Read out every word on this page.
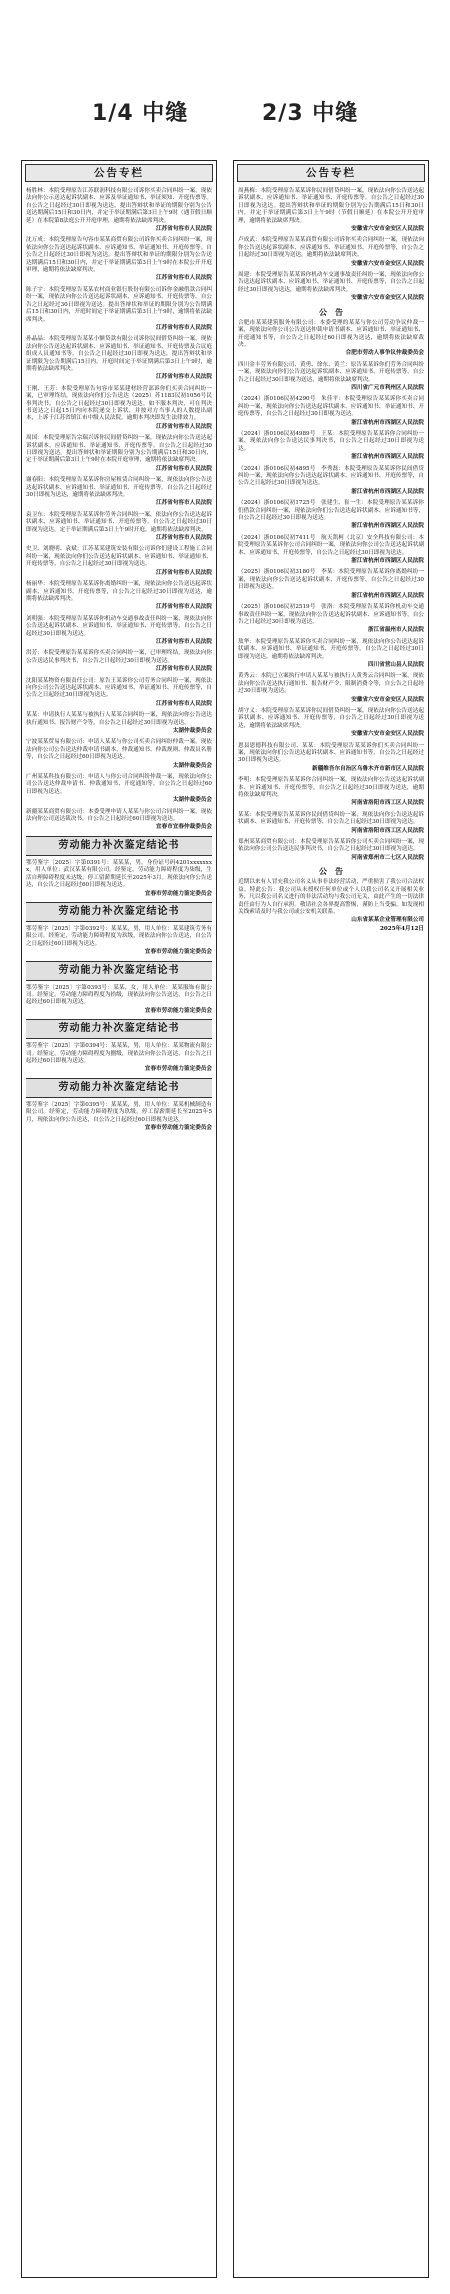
1/4 中缝	2/3 中缝
公告专栏
杨胜林：本院受理原告江苏联润科技有限公司诉你买卖合同纠纷一案，现依法向你公示送达起诉状副本、应诉及举证通知书、举证须知、开庭传票等。自公告之日起经过30日即视为送达。提出答辩状和举证的期限分别为公告送达期满后15日和30日内，并定于举证期满后第3日上午9时（遇节假日顺延）在本院第8法庭公开开庭审理，逾期将依法缺席判决。
江苏省句容市人民法院
沈万成：本院受理原告句容市某某商贸有限公司诉你买卖合同纠纷一案，现依法向你公告送达起诉状副本、应诉通知书、举证通知书、开庭传票等。自公告之日起经过30日即视为送达。提出答辩状和举证的期限分别为公告送达期满后15日和30日内，并定于举证期满后第3日上午9时在本院公开开庭审理，逾期将依法缺席判决。
江苏省句容市人民法院
陈子宇：本院受理原告某某农村商业银行股份有限公司诉你金融借款合同纠纷一案，现依法向你公告送达起诉状副本、应诉通知书、开庭传票等。自公告之日起经过30日即视为送达。提出答辩状和举证的期限分别为公告期满后15日和30日内，开庭时间定于举证期满后第3日上午9时，逾期将依法缺席判决。
江苏省句容市人民法院
孙晶晶：本院受理原告某某小额贷款有限公司诉你民间借贷纠纷一案，现依法向你公告送达起诉状副本、应诉通知书、举证通知书、开庭传票及合议庭组成人员通知书等。自公告之日起经过30日即视为送达，提出答辩状和举证期限为公告期满后15日内，开庭时间定于举证期满后第3日上午9时，逾期将依法缺席判决。
江苏省句容市人民法院
王刚、王芳：本院受理原告句容市某某建材经营部诉你们买卖合同纠纷一案，已审理终结，现依法向你们公告送达（2025）苏1183民初1056号民事判决书。自公告之日起经过30日即视为送达。如不服本判决，可在判决书送达之日起15日内向本院递交上诉状，并按对方当事人的人数提出副本，上诉于江苏省镇江市中级人民法院。逾期本判决即发生法律效力。
江苏省句容市人民法院
周国：本院受理原告宗瑞兴诉你民间借贷纠纷一案，现依法向你公告送达起诉状副本、应诉通知书、举证通知书、开庭传票等。自公告之日起经过30日即视为送达。提出答辩状和举证期限分别为公告期满后15日和30日内，定于举证期满后第3日上午9时在本院开庭审理，逾期将依法缺席判决。
江苏省句容市人民法院
谢春阳：本院受理原告某某诉你房屋租赁合同纠纷一案，现依法向你公告送达起诉状副本、应诉通知书、举证通知书、开庭传票等。自公告之日起经过30日即视为送达，逾期将依法缺席判决。
江苏省句容市人民法院
袁卫东：本院受理原告某某诉你劳务合同纠纷一案，依法向你公告送达起诉状副本、应诉通知书、举证通知书、开庭传票等。自公告之日起经过30日即视为送达，定于举证期满后第3日上午9时开庭，逾期将依法缺席判决。
江苏省句容市人民法院
史卫、刘晓明、袁斌：江苏某某建筑安装有限公司诉你们建设工程施工合同纠纷一案，现依法向你们公告送达起诉状副本、应诉通知书、举证通知书、开庭传票等。自公告之日起经过30日即视为送达。
江苏省句容市人民法院
杨丽华：本院受理原告某某诉你离婚纠纷一案，现依法向你公告送达起诉状副本、应诉通知书、开庭传票等，自公告之日起经过30日即视为送达，逾期将依法缺席判决。
江苏省句容市人民法院
刘明强：本院受理原告某某诉你机动车交通事故责任纠纷一案，现依法向你公告送达起诉状副本、应诉通知书、举证通知书、开庭传票等，自公告之日起经过30日即视为送达。
江苏省句容市人民法院
洪芳：本院受理原告某某诉你买卖合同纠纷一案，已审理终结，现依法向你公告送达民事判决书，自公告之日起经过30日即视为送达。
江苏省句容市人民法院
沈阳某某物资有限责任公司：原告王某诉你公司劳务合同纠纷一案，现依法向你公司公告送达起诉状副本、应诉通知书、举证通知书、开庭传票等，自公告之日起经过30日即视为送达。
江苏省句容市人民法院
某某：申请执行人某某与被执行人某某合同纠纷一案，现依法向你公告送达执行通知书、报告财产令等，自公告之日起经过30日即视为送达。
太湖仲裁委员会
宁波某某贸易有限公司：申请人某某与你公司买卖合同纠纷仲裁一案，现依法向你公司公告送达仲裁申请书副本、仲裁通知书、仲裁规则、仲裁员名册等，自公告之日起经过60日即视为送达。
太湖仲裁委员会
广州某某科技有限公司：申请人与你公司合同纠纷仲裁一案，现依法向你公司公告送达仲裁申请书、仲裁通知书、开庭通知等，自公告之日起经过60日即视为送达。
太湖仲裁委员会
新疆某某商贸有限公司：本委受理申请人某某与你公司合同纠纷一案，现依法向你公司送达裁决书，自公告之日起经过60日即视为送达。
宜春市宜春仲裁委员会
劳动能力补次鉴定结论书
鄂劳鉴字〔2025〕字第0391号：某某某，男，身份证号码4201xxxxxxxx，用人单位：武汉某某有限公司。经鉴定，劳动能力障碍程度为柒级，生活自理障碍程度未达级，停工留薪期延长至2025年3月。现依法向你公告送达，自公告之日起经过60日即视为送达。
宜春市劳动能力鉴定委员会
劳动能力补次鉴定结论书
鄂劳鉴字〔2025〕字第0392号：某某某，男，用人单位：某某建筑劳务有限公司。经鉴定，劳动能力障碍程度为玖级，现依法向你公告送达，自公告之日起经过60日即视为送达。
宜春市劳动能力鉴定委员会
劳动能力补次鉴定结论书
鄂劳鉴字〔2025〕字第0393号：某某，女，用人单位：某某服饰有限公司。经鉴定，劳动能力障碍程度为拾级，现依法向你公告送达，自公告之日起经过60日即视为送达。
宜春市劳动能力鉴定委员会
劳动能力补次鉴定结论书
鄂劳鉴字〔2025〕字第0394号：某某某，男，用人单位：某某物流有限公司。经鉴定，劳动能力障碍程度为捌级，现依法向你公告送达，自公告之日起经过60日即视为送达。
宜春市劳动能力鉴定委员会
劳动能力补次鉴定结论书
鄂劳鉴字〔2025〕字第0395号：某某某，男，用人单位：某某机械制造有限公司。经鉴定，劳动能力障碍程度为玖级，停工留薪期延长至2025年5月，现依法向你公告送达，自公告之日起经过60日即视为送达。
宜春市劳动能力鉴定委员会
公告专栏
周燕梅：本院受理原告某某诉你民间借贷纠纷一案，现依法向你公告送达起诉状副本、应诉通知书、举证通知书、开庭传票等。自公告之日起经过30日即视为送达。提出答辩状和举证的期限分别为公告期满后15日和30日内，并定于举证期满后第3日上午9时（节假日顺延）在本院公开开庭审理，逾期将依法缺席判决。
安徽省六安市金安区人民法院
卢成武：本院受理原告某某商贸有限公司诉你买卖合同纠纷一案，现依法向你公告送达起诉状副本、应诉通知书、举证通知书、开庭传票等，自公告之日起经过30日即视为送达，逾期将依法缺席判决。
安徽省六安市金安区人民法院
周建：本院受理原告某某诉你机动车交通事故责任纠纷一案，现依法向你公告送达起诉状副本、应诉通知书、举证通知书、开庭传票等，自公告之日起经过30日即视为送达，逾期将依法缺席判决。
安徽省六安市金安区人民法院
公　告
合肥市某某建筑服务有限公司：本委受理的某某与你公司劳动争议仲裁一案，现依法向你公司公告送达仲裁申请书副本、应诉通知书、举证通知书、开庭通知书等，自公告之日起经过60日即视为送达，逾期将依法缺席裁决。
合肥市劳动人事争议仲裁委员会
四川金丰劳务有限公司、黄勇、徐东、黄兰：原告某某诉你们劳务合同纠纷一案，现依法向你们公告送达起诉状副本、应诉通知书、开庭传票等，自公告之日起经过30日即视为送达，逾期将依法缺席判决。
四川省广元市利州区人民法院
（2024）浙0106民初4290号　朱佳平：本院受理原告某某诉你买卖合同纠纷一案，现依法向你公告送达起诉状副本、应诉通知书、举证通知书、开庭传票等，自公告之日起经过30日即视为送达。
浙江省杭州市西湖区人民法院
（2024）浙0106民初4989号　王某：本院受理原告某某诉你合同纠纷一案，现依法向你公告送达民事判决书，自公告之日起经过30日即视为送达。
浙江省杭州市西湖区人民法院
（2024）浙0106民初4895号　李秀磊：本院受理原告某某诉你民间借贷纠纷一案，现依法向你公告送达起诉状副本、应诉通知书、开庭传票等，自公告之日起经过30日即视为送达。
浙江省杭州市西湖区人民法院
（2024）浙0106民初1725号　张建生、崔一生：本院受理原告某某诉你们借款合同纠纷一案，现依法向你们公告送达起诉状副本、应诉通知书等，自公告之日起经过30日即视为送达。
浙江省杭州市西湖区人民法院
（2024）浙0106民初7411号　航天凯柯（北京）安全科技有限公司：本院受理原告某某诉你公司合同纠纷一案，现依法向你公司公告送达起诉状副本、应诉通知书、开庭传票等，自公告之日起经过30日即视为送达。
浙江省杭州市西湖区人民法院
（2025）浙0106民初3180号　李某：本院受理原告某某诉你离婚纠纷一案，现依法向你公告送达起诉状副本、开庭传票等，自公告之日起经过30日即视为送达。
浙江省杭州市西湖区人民法院
（2025）浙0106民初2519号　张洛：本院受理原告某某诉你机动车交通事故责任纠纷一案，现依法向你公告送达起诉状副本、应诉通知书等，自公告之日起经过30日即视为送达。
浙江省温州市人民法院
敖华：本院受理原告某某诉你买卖合同纠纷一案，现依法向你公告送达起诉状副本、应诉通知书、举证通知书、开庭传票等，自公告之日起经过30日即视为送达，逾期将依法缺席判决。
四川省营山县人民法院
黄秀云：本院已立案执行申请人某某与被执行人黄秀云合同纠纷一案，现依法向你公告送达执行通知书、报告财产令、限制消费令等，自公告之日起经过30日即视为送达。
安徽省六安市金安区人民法院
胡守义：本院受理原告某某诉你民间借贷纠纷一案，现依法向你公告送达起诉状副本、应诉通知书、开庭传票等，自公告之日起经过30日即视为送达，逾期将依法缺席判决。
安徽省六安市金安区人民法院
恩县恩德科技有限公司、某某：本院受理原告某某诉你们买卖合同纠纷一案，现依法向你们公告送达起诉状副本、应诉通知书等，自公告之日起经过30日即视为送达。
新疆维吾尔自治区乌鲁木齐市新市区人民法院
李明：本院受理原告某某诉你合同纠纷一案，现依法向你公告送达起诉状副本、应诉通知书、开庭传票等，自公告之日起经过30日即视为送达，逾期将依法缺席判决。
河南省洛阳市西工区人民法院
某某：本院受理原告某某诉你民间借贷纠纷一案，现依法向你公告送达起诉状副本、应诉通知书、开庭传票等，自公告之日起经过30日即视为送达。
河南省洛阳市西工区人民法院
郑州某某商贸有限公司：本院受理原告某某诉你公司买卖合同纠纷一案，现依法向你公司公告送达民事判决书，自公告之日起经过30日即视为送达。
河南省郑州市二七区人民法院
公　告
近期以来有人冒充我公司名义从事非法经营活动，严重损害了我公司合法权益。特此公告：我公司从未授权任何单位或个人以我公司名义开展相关业务，凡以我公司名义进行的非法活动均与我公司无关，由此产生的一切法律责任由行为人自行承担。敬请社会各界提高警惕，谨防上当受骗。如发现相关线索请及时与我公司或公安机关联系。
山东省某某企业管理有限公司
2025年4月12日
